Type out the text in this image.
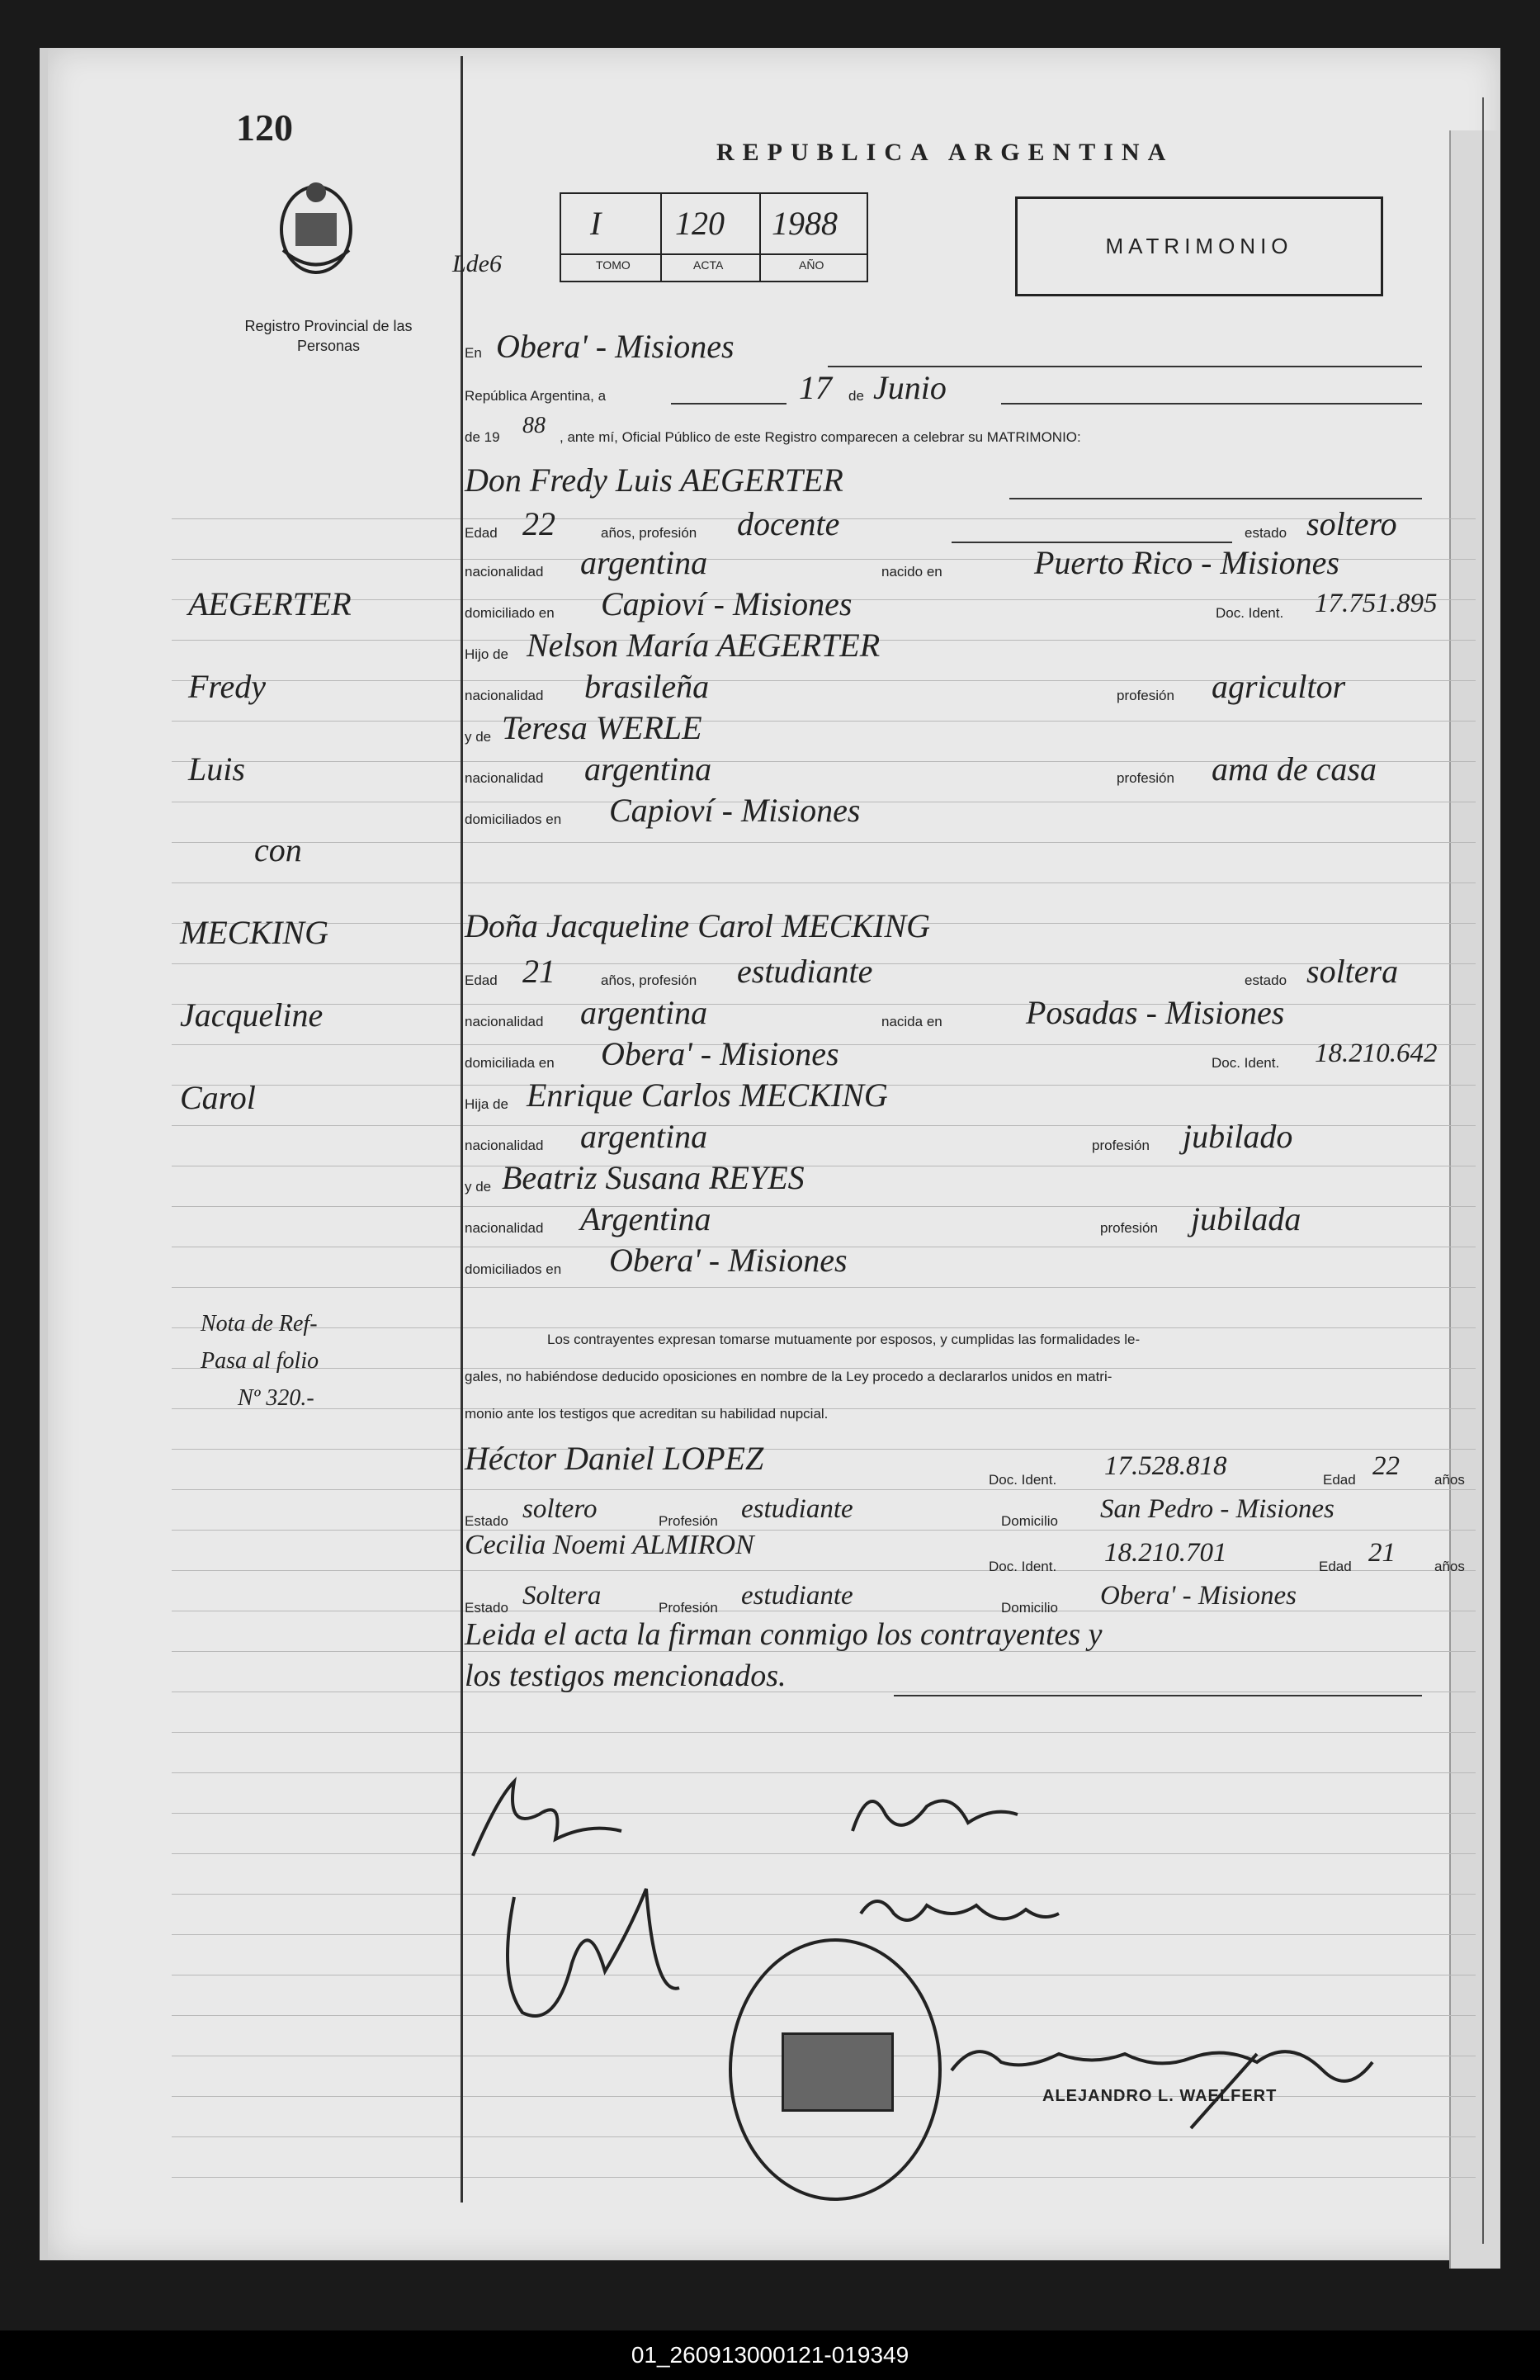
120
Registro Provincial de las Personas
REPUBLICA ARGENTINA
I 120 1988
TOMO	ACTA	AÑO
Lde6
MATRIMONIO
AEGERTER
Fredy
Luis
con
MECKING
Jacqueline
Carol
Nota de Ref-
Pasa al folio
Nº 320.-
En Obera' - Misiones
República Argentina, a	17 de Junio
de 19 88 , ante mí, Oficial Público de este Registro comparecen a celebrar su MATRIMONIO:
Don Fredy Luis AEGERTER
Edad 22	años, profesión docente	estado soltero
nacionalidad argentina	nacido en	Puerto Rico - Misiones
domiciliado en Capioví - Misiones	Doc. Ident. 17.751.895
Hijo de Nelson María AEGERTER
nacionalidad brasileña	profesión agricultor
y de Teresa WERLE
nacionalidad argentina	profesión ama de casa
domiciliados en Capioví - Misiones
Doña Jacqueline Carol MECKING
Edad 21	años, profesión estudiante	estado soltera
nacionalidad argentina	nacida en	Posadas - Misiones
domiciliada en Obera' - Misiones	Doc. Ident. 18.210.642
Hija de Enrique Carlos MECKING
nacionalidad argentina	profesión jubilado
y de Beatriz Susana REYES
nacionalidad Argentina	profesión jubilada
domiciliados en Obera' - Misiones
Los contrayentes expresan tomarse mutuamente por esposos, y cumplidas las formalidades le-
gales, no habiéndose deducido oposiciones en nombre de la Ley procedo a declararlos unidos en matri-
monio ante los testigos que acreditan su habilidad nupcial.
Héctor Daniel LOPEZ
Doc. Ident. 17.528.818	Edad 22 años
Estado soltero	Profesión estudiante	Domicilio San Pedro - Misiones
Cecilia Noemi ALMIRON
Doc. Ident. 18.210.701	Edad 21	años
Estado Soltera	Profesión estudiante	Domicilio Obera' - Misiones
Leida el acta la firman conmigo los contrayentes y
los testigos mencionados.
ALEJANDRO L. WAELFERT
01_260913000121-019349
